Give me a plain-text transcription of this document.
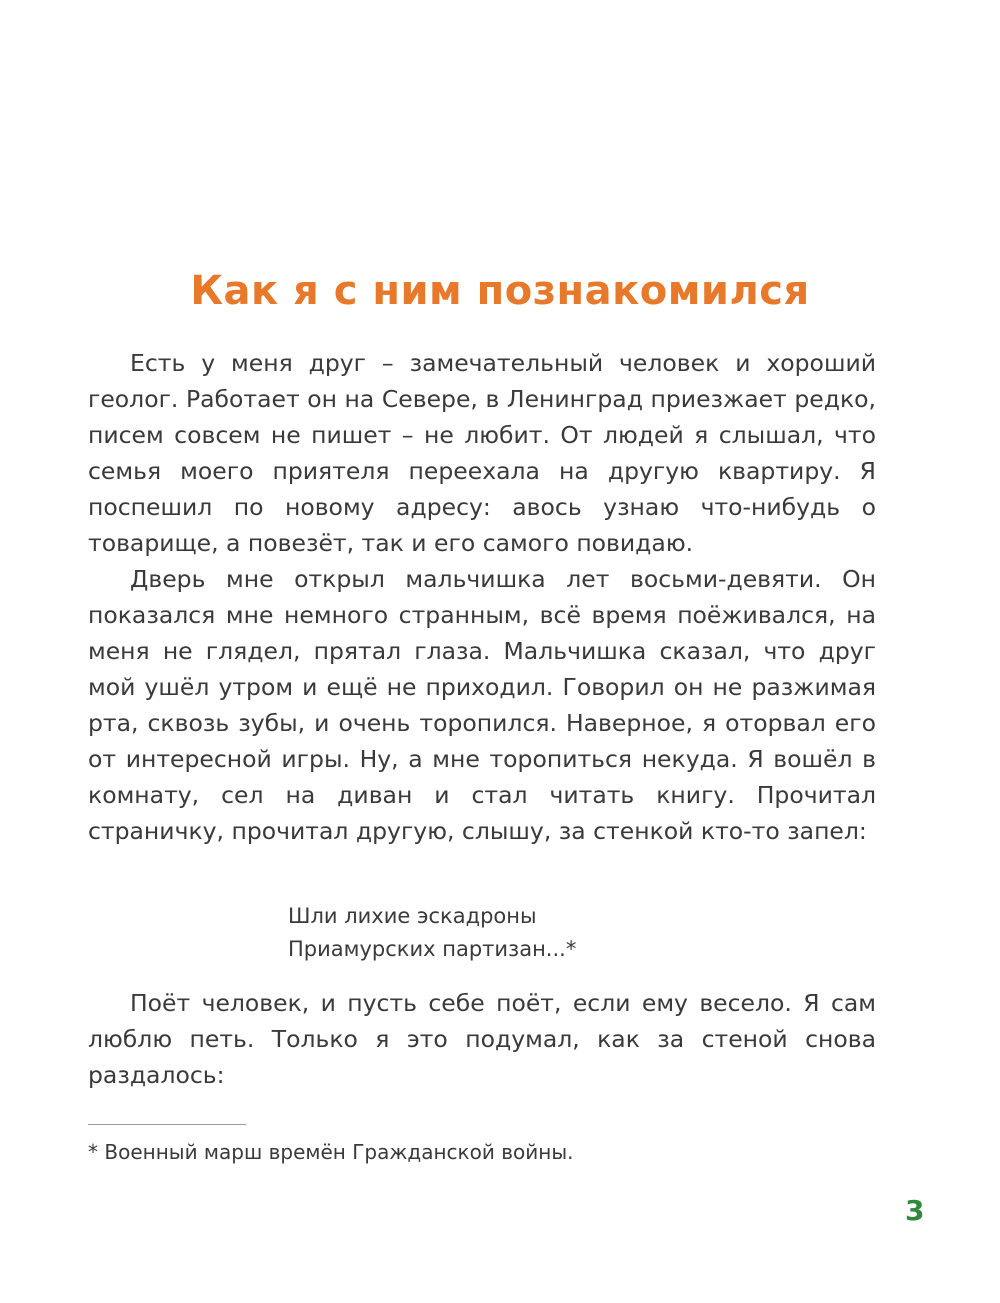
Как я с ним познакомился

Есть у меня друг – замечательный человек и хороший геолог. Работает он на Севере, в Ленинград приезжает редко, писем совсем не пишет – не любит. От людей я слышал, что семья моего приятеля переехала на другую квартиру. Я поспешил по новому адресу: авось узнаю что-нибудь о товарище, а повезёт, так и его самого повидаю.

Дверь мне открыл мальчишка лет восьми-девяти. Он показался мне немного странным, всё время поёживался, на меня не глядел, прятал глаза. Мальчишка сказал, что друг мой ушёл утром и ещё не приходил. Говорил он не разжимая рта, сквозь зубы, и очень торопился. Наверное, я оторвал его от интересной игры. Ну, а мне торопиться некуда. Я вошёл в комнату, сел на диван и стал читать книгу. Прочитал страничку, прочитал другую, слышу, за стенкой кто-то запел:

Шли лихие эскадроны
Приамурских партизан...*

Поёт человек, и пусть себе поёт, если ему весело. Я сам люблю петь. Только я это подумал, как за стеной снова раздалось:

* Военный марш времён Гражданской войны.
3
